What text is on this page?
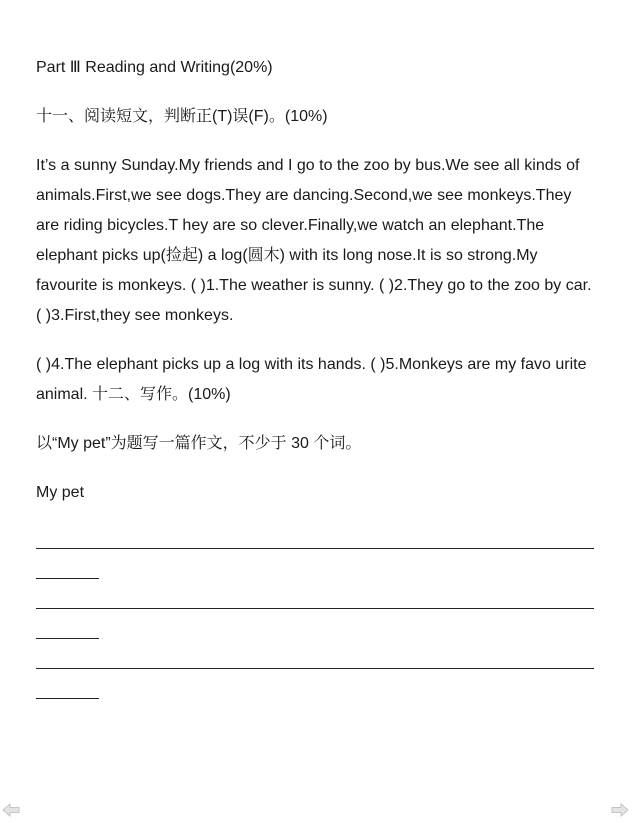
Part Ⅲ Reading and Writing(20%)
十一、阅读短文，判断正(T)误(F)。(10%)
It’s a sunny Sunday.My friends and I go to the zoo by bus.We see all kinds of
animals.First,we see dogs.They are dancing.Second,we see monkeys.They
are riding bicycles.T hey are so clever.Finally,we watch an elephant.The
elephant picks up(捡起) a log(圆木) with its long nose.It is so strong.My
favourite is monkeys. ( )1.The weather is sunny. ( )2.They go to the zoo by car.
( )3.First,they see monkeys.
( )4.The elephant picks up a log with its hands. ( )5.Monkeys are my favo urite
animal. 十二、写作。(10%)
以“My pet”为题写一篇作文，不少于 30 个词。
My pet
